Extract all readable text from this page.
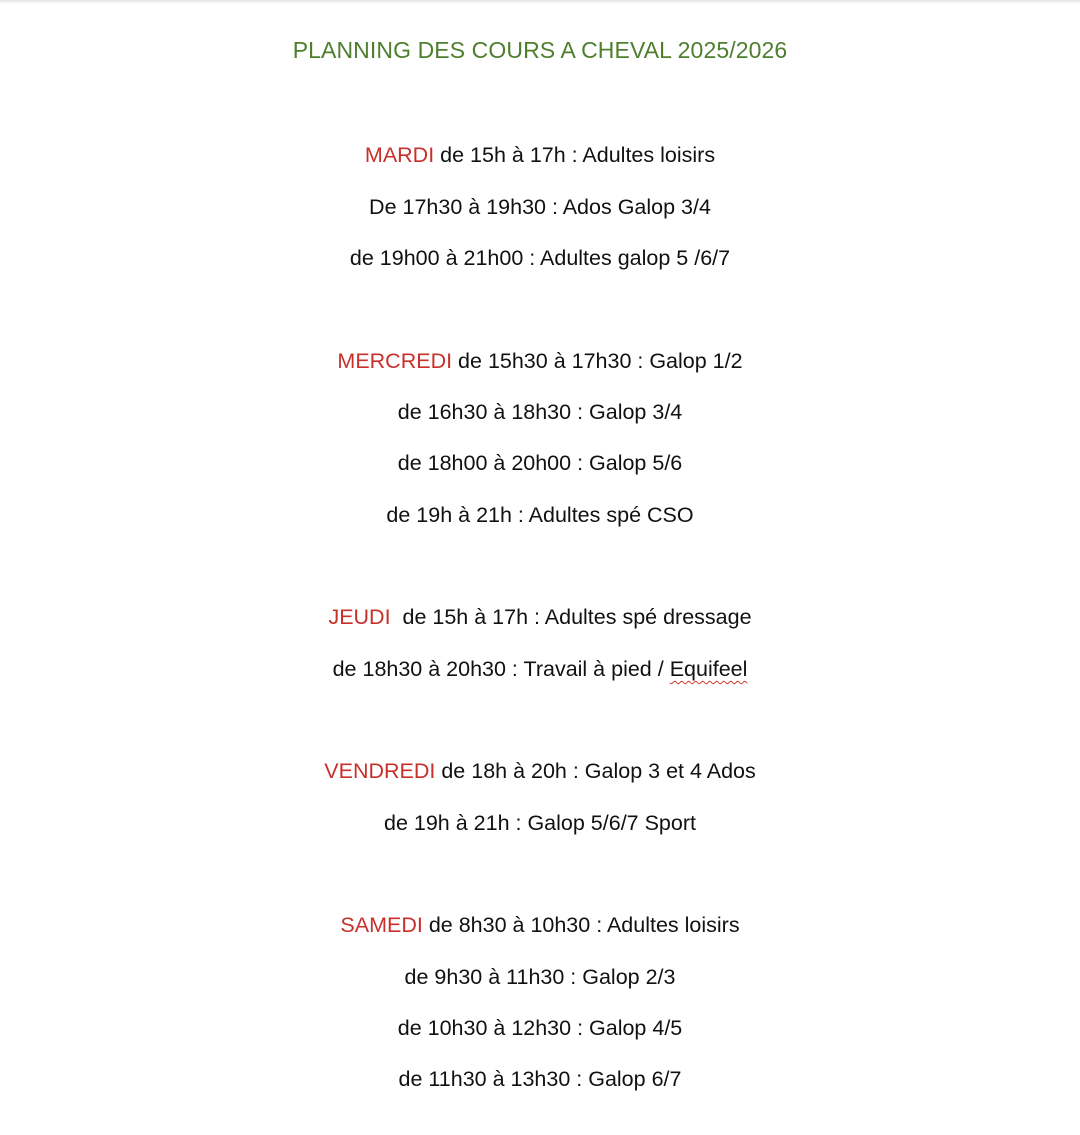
PLANNING DES COURS A CHEVAL 2025/2026
MARDI de 15h à 17h : Adultes loisirs
De 17h30 à 19h30 : Ados Galop 3/4
de 19h00 à 21h00 : Adultes galop 5 /6/7
MERCREDI de 15h30 à 17h30 : Galop 1/2
de 16h30 à 18h30 : Galop 3/4
de 18h00 à 20h00 : Galop 5/6
de 19h à 21h : Adultes spé CSO
JEUDI  de 15h à 17h : Adultes spé dressage
de 18h30 à 20h30 : Travail à pied / Equifeel
VENDREDI de 18h à 20h : Galop 3 et 4 Ados
de 19h à 21h : Galop 5/6/7 Sport
SAMEDI de 8h30 à 10h30 : Adultes loisirs
de 9h30 à 11h30 : Galop 2/3
de 10h30 à 12h30 : Galop 4/5
de 11h30 à 13h30 : Galop 6/7
